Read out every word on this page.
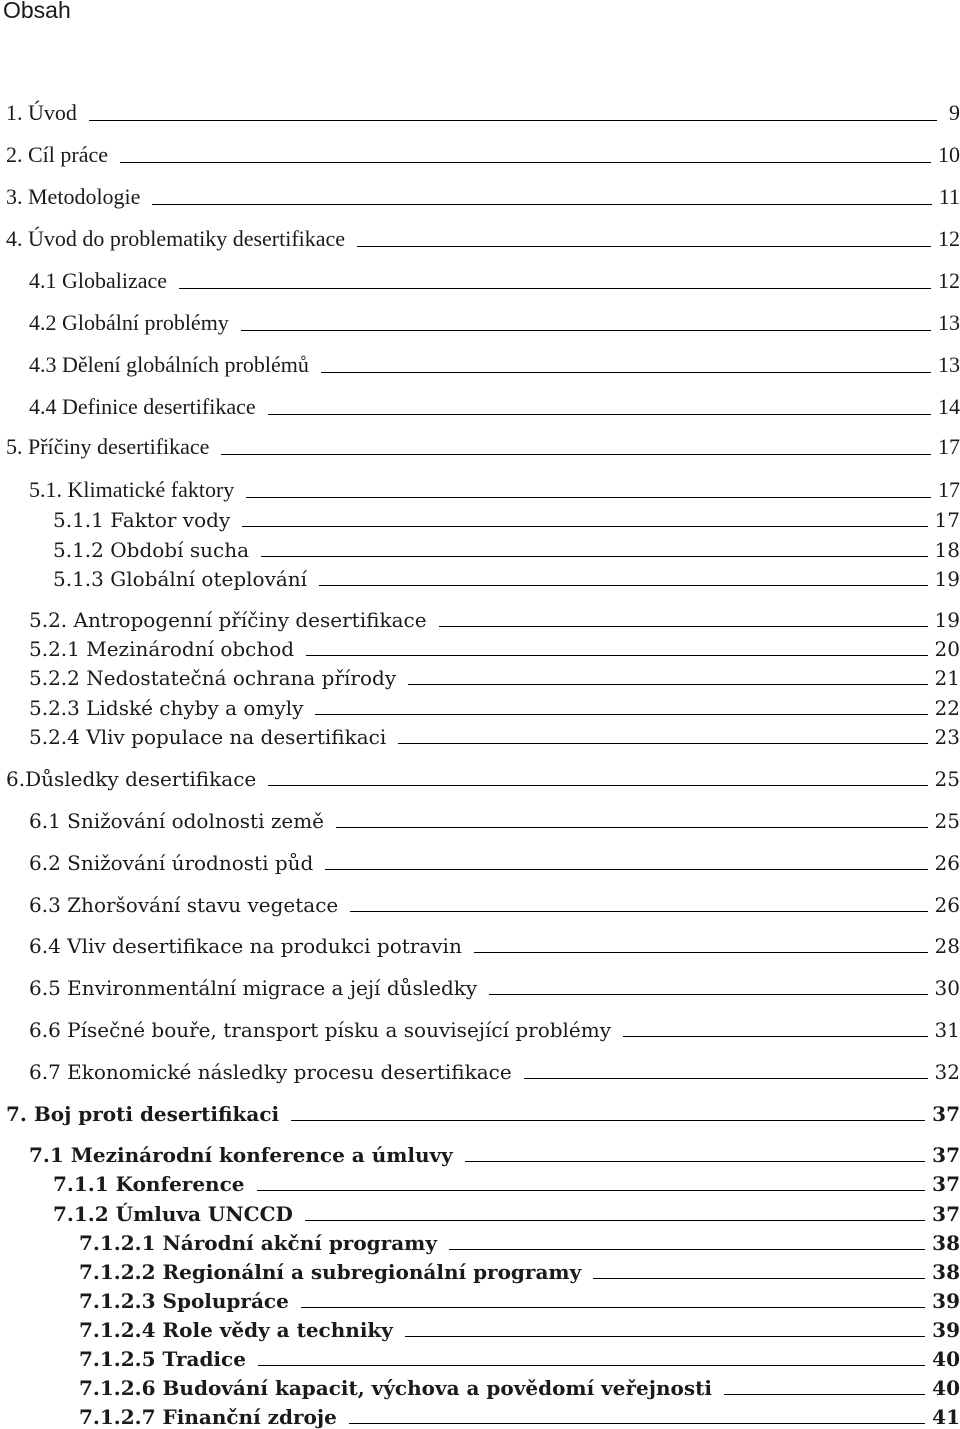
Obsah
1. Úvod	9
2. Cíl práce	10
3. Metodologie	11
4. Úvod do problematiky desertifikace	12
4.1 Globalizace	12
4.2 Globální problémy	13
4.3 Dělení globálních problémů	13
4.4 Definice desertifikace	14
5. Příčiny desertifikace	17
5.1. Klimatické faktory	17
5.1.1 Faktor vody	17
5.1.2 Období sucha	18
5.1.3 Globální oteplování	19
5.2. Antropogenní příčiny desertifikace	19
5.2.1 Mezinárodní obchod	20
5.2.2 Nedostatečná ochrana přírody	21
5.2.3 Lidské chyby a omyly	22
5.2.4 Vliv populace na desertifikaci	23
6.Důsledky desertifikace	25
6.1 Snižování odolnosti země	25
6.2 Snižování úrodnosti půd	26
6.3 Zhoršování stavu vegetace	26
6.4 Vliv desertifikace na produkci potravin	28
6.5 Environmentální migrace a její důsledky	30
6.6 Písečné bouře, transport písku a související problémy	31
6.7 Ekonomické následky procesu desertifikace	32
7. Boj proti desertifikaci	37
7.1 Mezinárodní konference a úmluvy	37
7.1.1 Konference	37
7.1.2 Úmluva UNCCD	37
7.1.2.1 Národní akční programy	38
7.1.2.2 Regionální a subregionální programy	38
7.1.2.3 Spolupráce	39
7.1.2.4 Role vědy a techniky	39
7.1.2.5 Tradice	40
7.1.2.6 Budování kapacit, výchova a povědomí veřejnosti	40
7.1.2.7 Finanční zdroje	41
